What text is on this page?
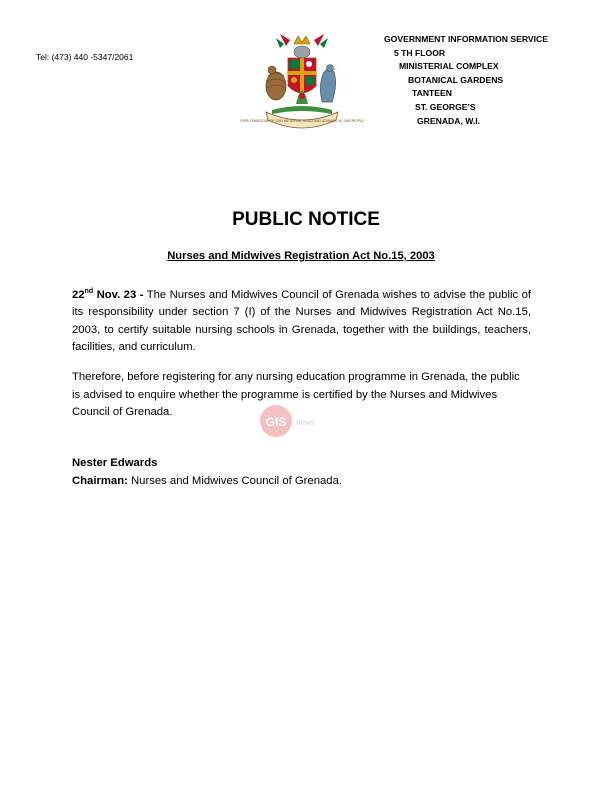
Tel: (473) 440 -5347/2061
EVER CONSCIOUS OF GOD WE ASPIRE, BUILD AND ADVANCE AS ONE PEOPLE
GOVERNMENT INFORMATION SERVICE
5 TH FLOOR
MINISTERIAL COMPLEX
BOTANICAL GARDENS
TANTEEN
ST. GEORGE’S
GRENADA, W.I.
PUBLIC NOTICE
Nurses and Midwives Registration Act No.15, 2003
22nd Nov. 23 - The Nurses and Midwives Council of Grenada wishes to advise the public of its responsibility under section 7 (I) of the Nurses and Midwives Registration Act No.15, 2003, to certify suitable nursing schools in Grenada, together with the buildings, teachers, facilities, and curriculum.
Therefore, before registering for any nursing education programme in Grenada, the public is advised to enquire whether the programme is certified by the Nurses and Midwives Council of Grenada.
GIS news
Nester Edwards
Chairman: Nurses and Midwives Council of Grenada.
